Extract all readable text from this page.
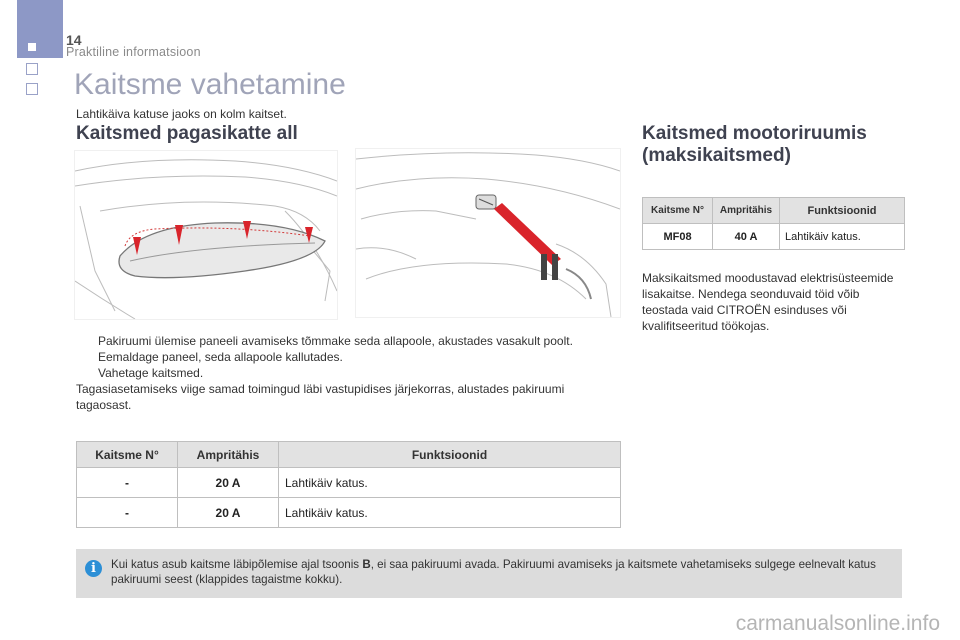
14
Praktiline informatsioon
Kaitsme vahetamine
Lahtikäiva katuse jaoks on kolm kaitset.
Kaitsmed pagasikatte all
Pakiruumi ülemise paneeli avamiseks tõmmake seda allapoole, akustades vasakult poolt.
Eemaldage paneel, seda allapoole kallutades.
Vahetage kaitsmed.
Tagasiasetamiseks viige samad toimingud läbi vastupidises järjekorras, alustades pakiruumi tagaosast.
Kaitsme N°	Ampritähis	Funktsioonid
-	20 A	Lahtikäiv katus.
-	20 A	Lahtikäiv katus.
Kaitsmed mootoriruumis
(maksikaitsmed)
Kaitsme N°	Ampritähis	Funktsioonid
MF08	40 A	Lahtikäiv katus.
Maksikaitsmed moodustavad elektrisüsteemide lisakaitse. Nendega seonduvaid töid võib teostada vaid CITROËN esinduses või kvalifitseeritud töökojas.
i	Kui katus asub kaitsme läbipõlemise ajal tsoonis B, ei saa pakiruumi avada. Pakiruumi avamiseks ja kaitsmete vahetamiseks sulgege eelnevalt katus pakiruumi seest (klappides tagaistme kokku).
carmanualsonline.info
